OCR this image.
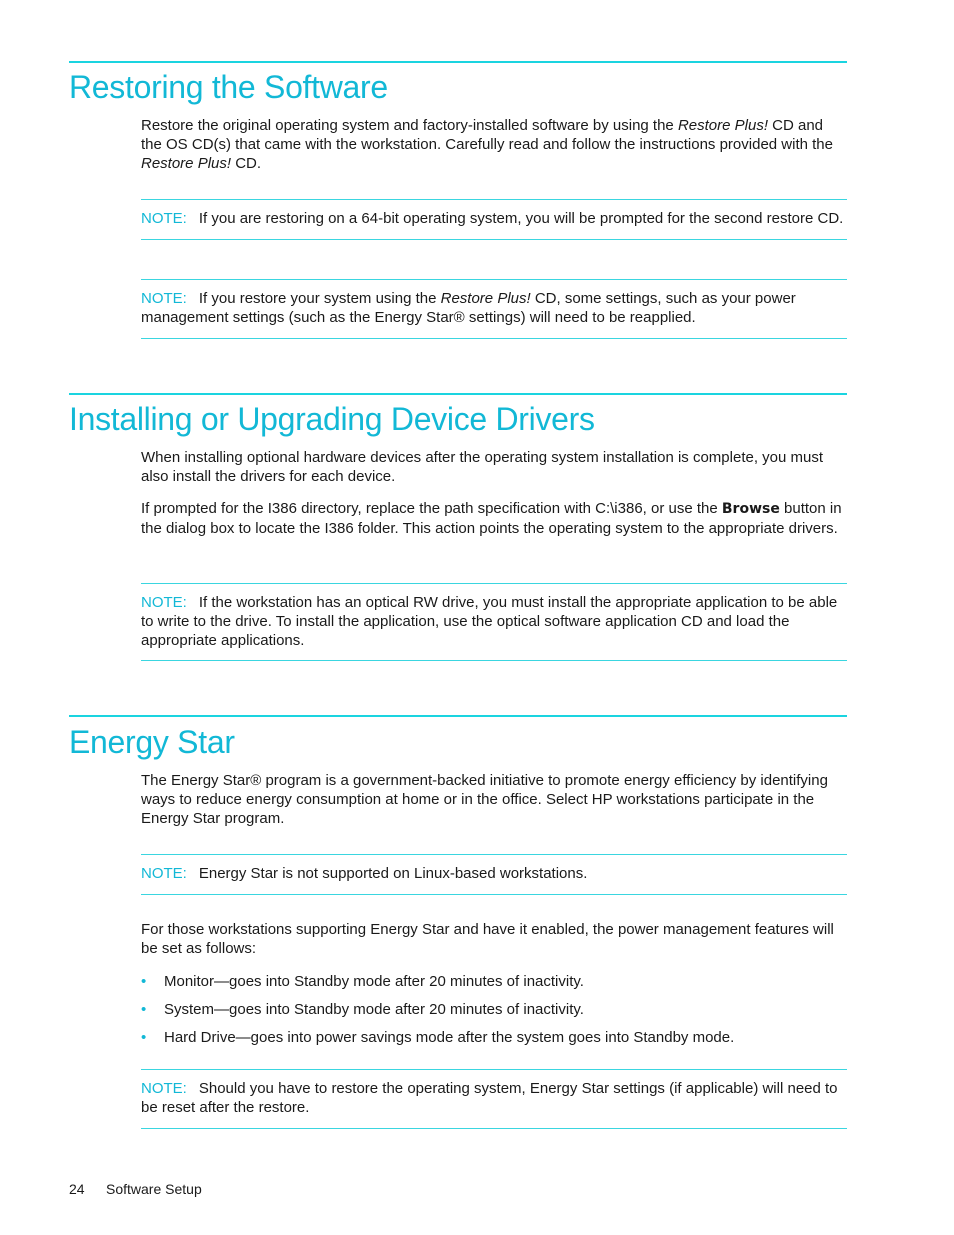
Restoring the Software

Restore the original operating system and factory-installed software by using the Restore Plus! CD and the OS CD(s) that came with the workstation. Carefully read and follow the instructions provided with the Restore Plus! CD.

NOTE: If you are restoring on a 64-bit operating system, you will be prompted for the second restore CD.

NOTE: If you restore your system using the Restore Plus! CD, some settings, such as your power management settings (such as the Energy Star® settings) will need to be reapplied.

Installing or Upgrading Device Drivers

When installing optional hardware devices after the operating system installation is complete, you must also install the drivers for each device.

If prompted for the I386 directory, replace the path specification with C:\i386, or use the Browse button in the dialog box to locate the I386 folder. This action points the operating system to the appropriate drivers.

NOTE: If the workstation has an optical RW drive, you must install the appropriate application to be able to write to the drive. To install the application, use the optical software application CD and load the appropriate applications.

Energy Star

The Energy Star® program is a government-backed initiative to promote energy efficiency by identifying ways to reduce energy consumption at home or in the office. Select HP workstations participate in the Energy Star program.

NOTE: Energy Star is not supported on Linux-based workstations.

For those workstations supporting Energy Star and have it enabled, the power management features will be set as follows:

• Monitor—goes into Standby mode after 20 minutes of inactivity.
• System—goes into Standby mode after 20 minutes of inactivity.
• Hard Drive—goes into power savings mode after the system goes into Standby mode.

NOTE: Should you have to restore the operating system, Energy Star settings (if applicable) will need to be reset after the restore.

24 Software Setup
